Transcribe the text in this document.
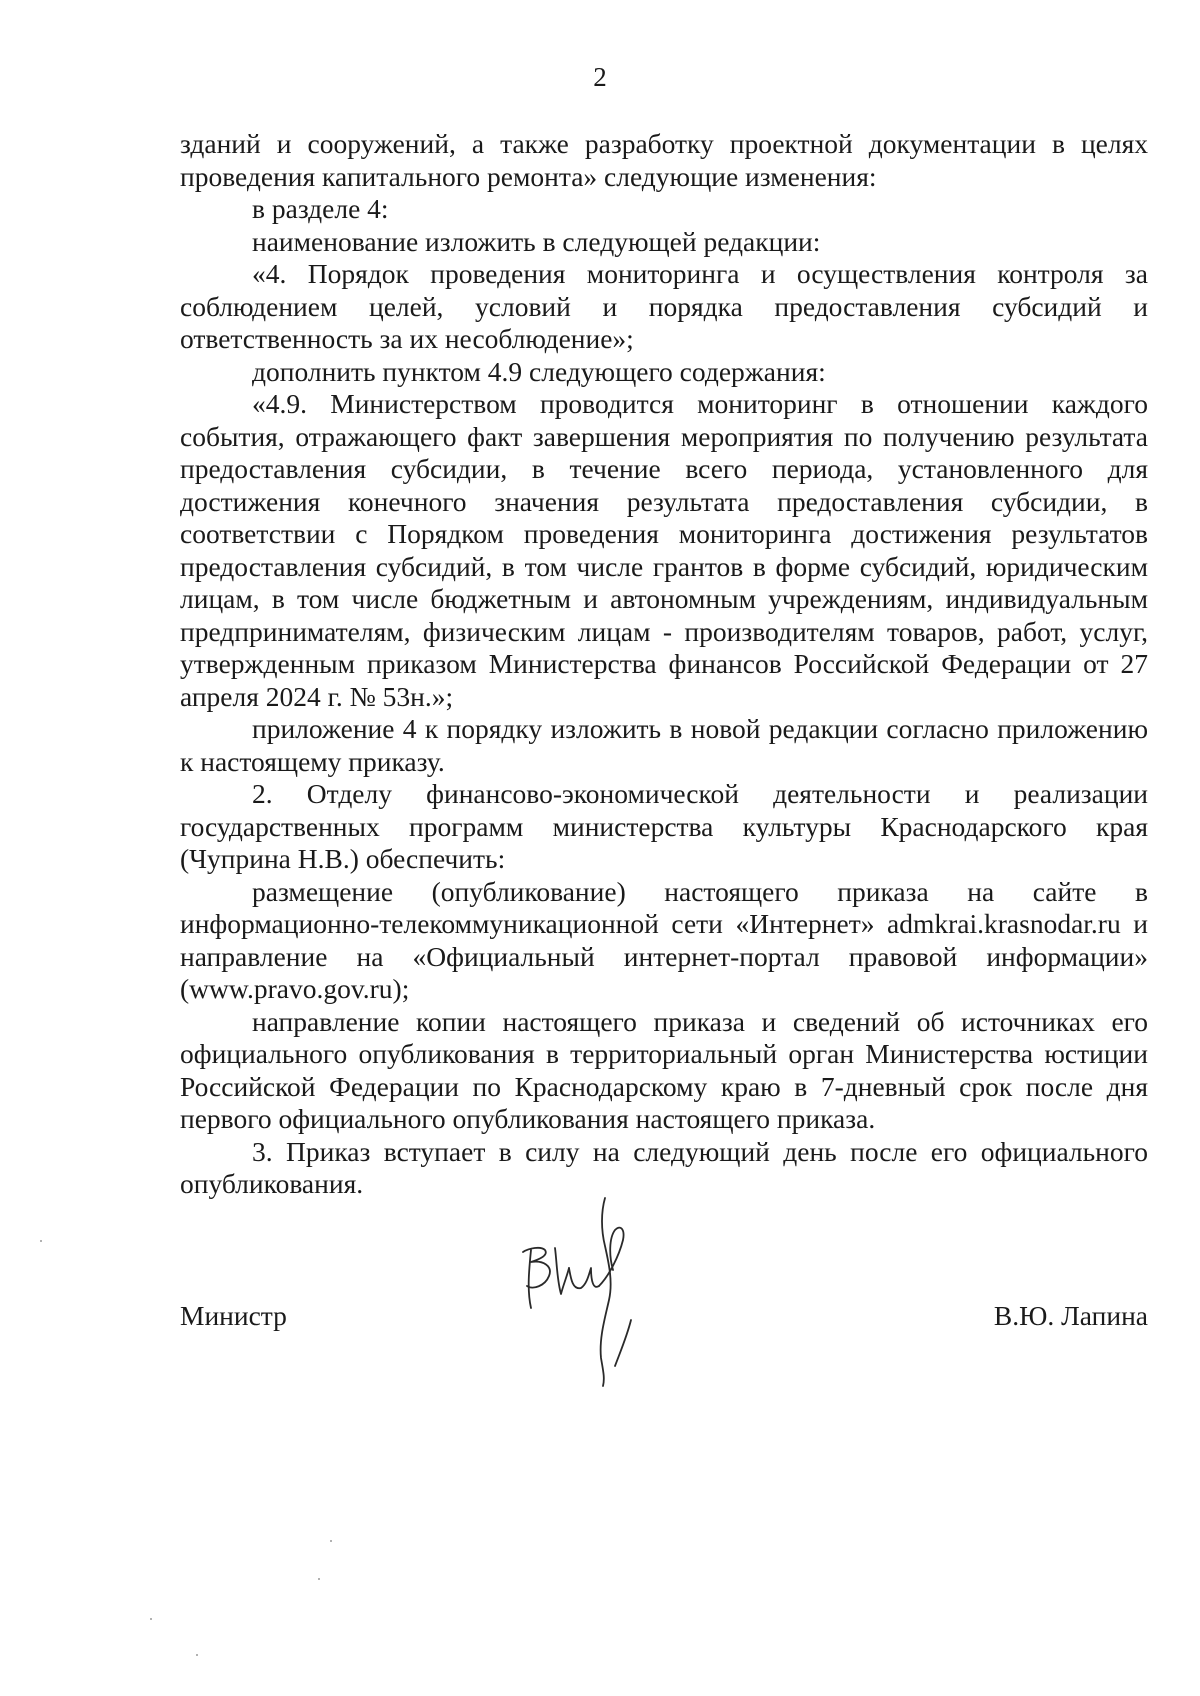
2

зданий и сооружений, а также разработку проектной документации в целях проведения капитального ремонта» следующие изменения:

в разделе 4:

наименование изложить в следующей редакции:

«4. Порядок проведения мониторинга и осуществления контроля за соблюдением целей, условий и порядка предоставления субсидий и ответственность за их несоблюдение»;

дополнить пунктом 4.9 следующего содержания:

«4.9. Министерством проводится мониторинг в отношении каждого события, отражающего факт завершения мероприятия по получению результата предоставления субсидии, в течение всего периода, установленного для достижения конечного значения результата предоставления субсидии, в соответствии с Порядком проведения мониторинга достижения результатов предоставления субсидий, в том числе грантов в форме субсидий, юридическим лицам, в том числе бюджетным и автономным учреждениям, индивидуальным предпринимателям, физическим лицам - производителям товаров, работ, услуг, утвержденным приказом Министерства финансов Российской Федерации от 27 апреля 2024 г. № 53н.»;

приложение 4 к порядку изложить в новой редакции согласно приложению к настоящему приказу.

2. Отделу финансово-экономической деятельности и реализации государственных программ министерства культуры Краснодарского края (Чуприна Н.В.) обеспечить:

размещение (опубликование) настоящего приказа на сайте в информационно-телекоммуникационной сети «Интернет» admkrai.krasnodar.ru и направление на «Официальный интернет-портал правовой информации» (www.pravo.gov.ru);

направление копии настоящего приказа и сведений об источниках его официального опубликования в территориальный орган Министерства юстиции Российской Федерации по Краснодарскому краю в 7-дневный срок после дня первого официального опубликования настоящего приказа.

3. Приказ вступает в силу на следующий день после его официального опубликования.

Министр	В.Ю. Лапина
